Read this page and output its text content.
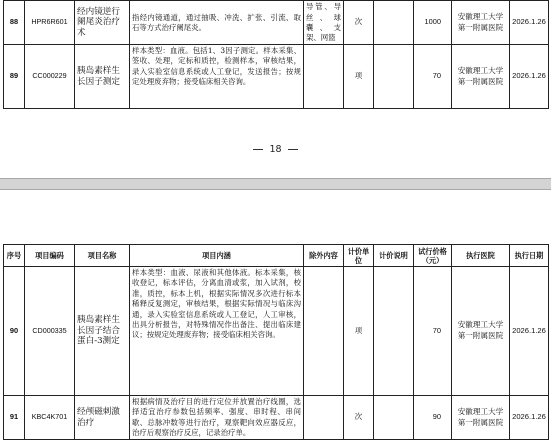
88	HPR6R601	经内镜逆行阑尾炎治疗术	指经内镜通道，通过抽吸、冲洗、扩张、引流、取石等方式治疗阑尾炎。	导管、导丝、球囊、支架、网篮	次		1000	安徽理工大学第一附属医院	2026.1.26
89	CC000229	胰岛素样生长因子测定	样本类型：血液。包括1、3因子测定。样本采集、签收、处理，定标和质控，检测样本，审核结果，录入实验室信息系统或人工登记，发送报告；按规定处理废弃物；接受临床相关咨询。		项		70	安徽理工大学第一附属医院	2026.1.26
18
序号	项目编码	项目名称	项目内涵	除外内容	计价单位	计价说明	试行价格（元）	执行医院	执行日期
90	CD000335	胰岛素样生长因子结合蛋白-3测定	样本类型：血液、尿液和其他体液。标本采集，核收登记，标本评估，分离血清或浆，加入试剂，校准，质控，标本上机，根据实际情况多次进行标本稀释反复测定，审核结果，根据实际情况与临床沟通，录入实验室信息系统或人工登记，人工审核，出具分析报告，对特殊情况作出备注、提出临床建议；按规定处理废弃物；接受临床相关咨询。		项		70	安徽理工大学第一附属医院	2026.1.26
91	KBC4K701	经颅磁刺激治疗	根据病情及治疗目的进行定位并放置治疗线圈，选择适宜治疗参数包括频率、强度、串时程、串间歇、总脉冲数等进行治疗，观察靶向效应器反应，治疗后观察治疗反应，记录治疗单。		次		90	安徽理工大学第一附属医院	2026.1.26
